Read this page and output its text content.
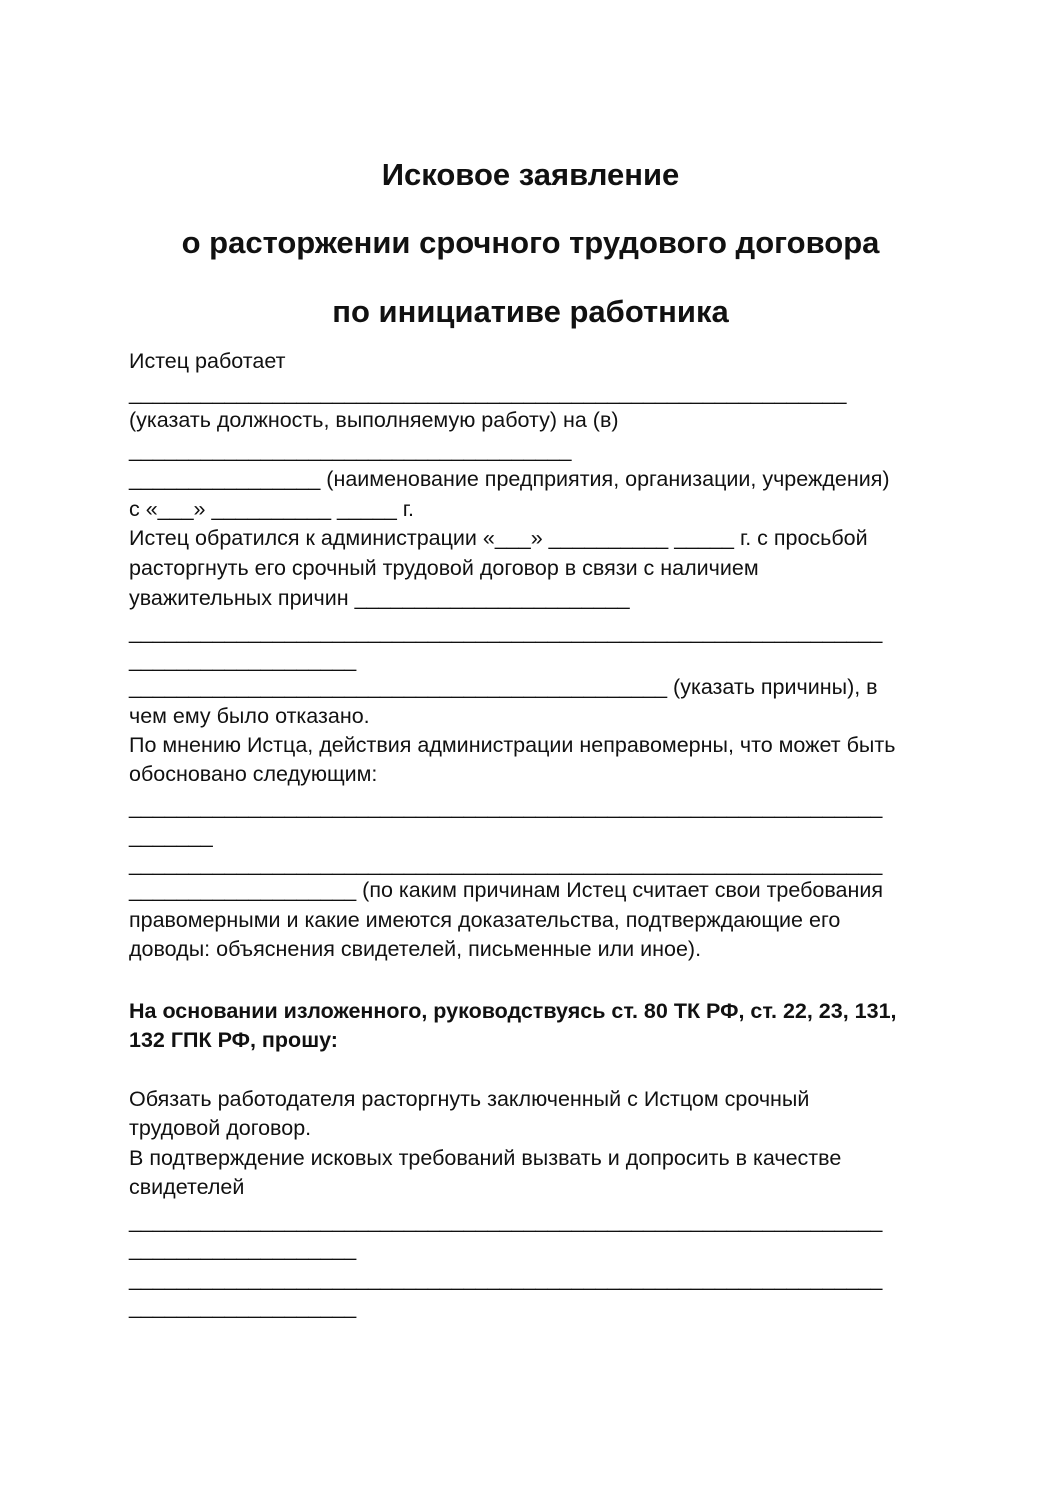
Исковое заявление
о расторжении срочного трудового договора
по инициативе работника
Истец работает
____________________________________________________________
(указать должность, выполняемую работу) на (в)
_____________________________________
________________ (наименование предприятия, организации, учреждения)
с «___» __________ _____ г.
Истец обратился к администрации «___» __________ _____ г. с просьбой
расторгнуть его срочный трудовой договор в связи с наличием
уважительных причин _______________________
_______________________________________________________________
___________________
_____________________________________________ (указать причины), в
чем ему было отказано.
По мнению Истца, действия администрации неправомерны, что может быть
обосновано следующим:
_______________________________________________________________
_______
_______________________________________________________________
___________________ (по каким причинам Истец считает свои требования
правомерными и какие имеются доказательства, подтверждающие его
доводы: объяснения свидетелей, письменные или иное).
На основании изложенного, руководствуясь ст. 80 ТК РФ, ст. 22, 23, 131,
132 ГПК РФ, прошу:
Обязать работодателя расторгнуть заключенный с Истцом срочный
трудовой договор.
В подтверждение исковых требований вызвать и допросить в качестве
свидетелей
_______________________________________________________________
___________________
_______________________________________________________________
___________________
